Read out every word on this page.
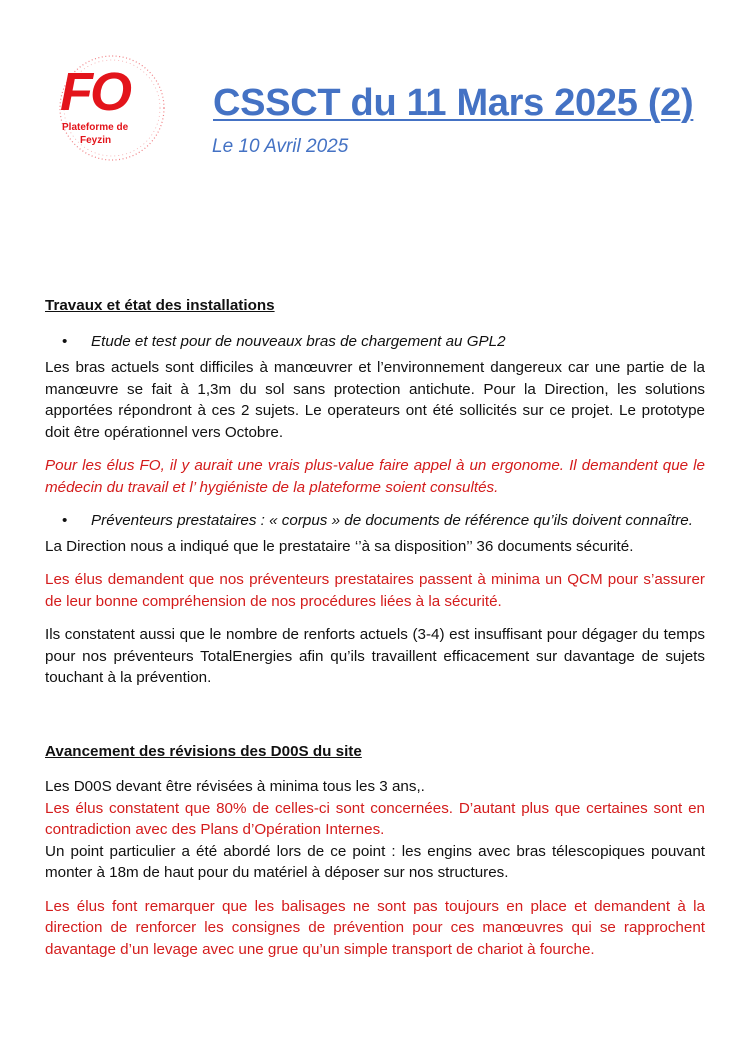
FO
Plateforme de
Feyzin
CSSCT du 11 Mars 2025 (2)
Le 10 Avril 2025

Travaux et état des installations

•	Etude et test pour de nouveaux bras de chargement au GPL2

Les bras actuels sont difficiles à manœuvrer et l’environnement dangereux car une partie de la manœuvre se fait à 1,3m du sol sans protection antichute. Pour la Direction, les solutions apportées répondront à ces 2 sujets. Le operateurs ont été sollicités sur ce projet. Le prototype doit être opérationnel vers Octobre.

Pour les élus FO, il y aurait une vrais plus-value faire appel à un ergonome. Il demandent que le médecin du travail et l’ hygiéniste de la plateforme soient consultés.

•	Préventeurs prestataires : « corpus » de documents de référence qu’ils doivent connaître.

La Direction nous a indiqué que le prestataire ‘’à sa disposition’’ 36 documents sécurité.

Les élus demandent que nos préventeurs prestataires passent à minima un QCM pour s’assurer de leur bonne compréhension de nos procédures liées à la sécurité.

Ils constatent aussi que le nombre de renforts actuels (3-4) est insuffisant pour dégager du temps pour nos préventeurs TotalEnergies afin qu’ils travaillent efficacement sur davantage de sujets touchant à la prévention.

Avancement des révisions des D00S du site

Les D00S devant être révisées à minima tous les 3 ans,.

Les élus constatent que 80% de celles-ci sont concernées. D’autant plus que certaines sont en contradiction avec des Plans d’Opération Internes.

Un point particulier a été abordé lors de ce point : les engins avec bras télescopiques pouvant monter à 18m de haut pour du matériel à déposer sur nos structures.

Les élus font remarquer que les balisages ne sont pas toujours en place et demandent à la direction de renforcer les consignes de prévention pour ces manœuvres qui se rapprochent davantage d’un levage avec une grue qu’un simple transport de chariot à fourche.
